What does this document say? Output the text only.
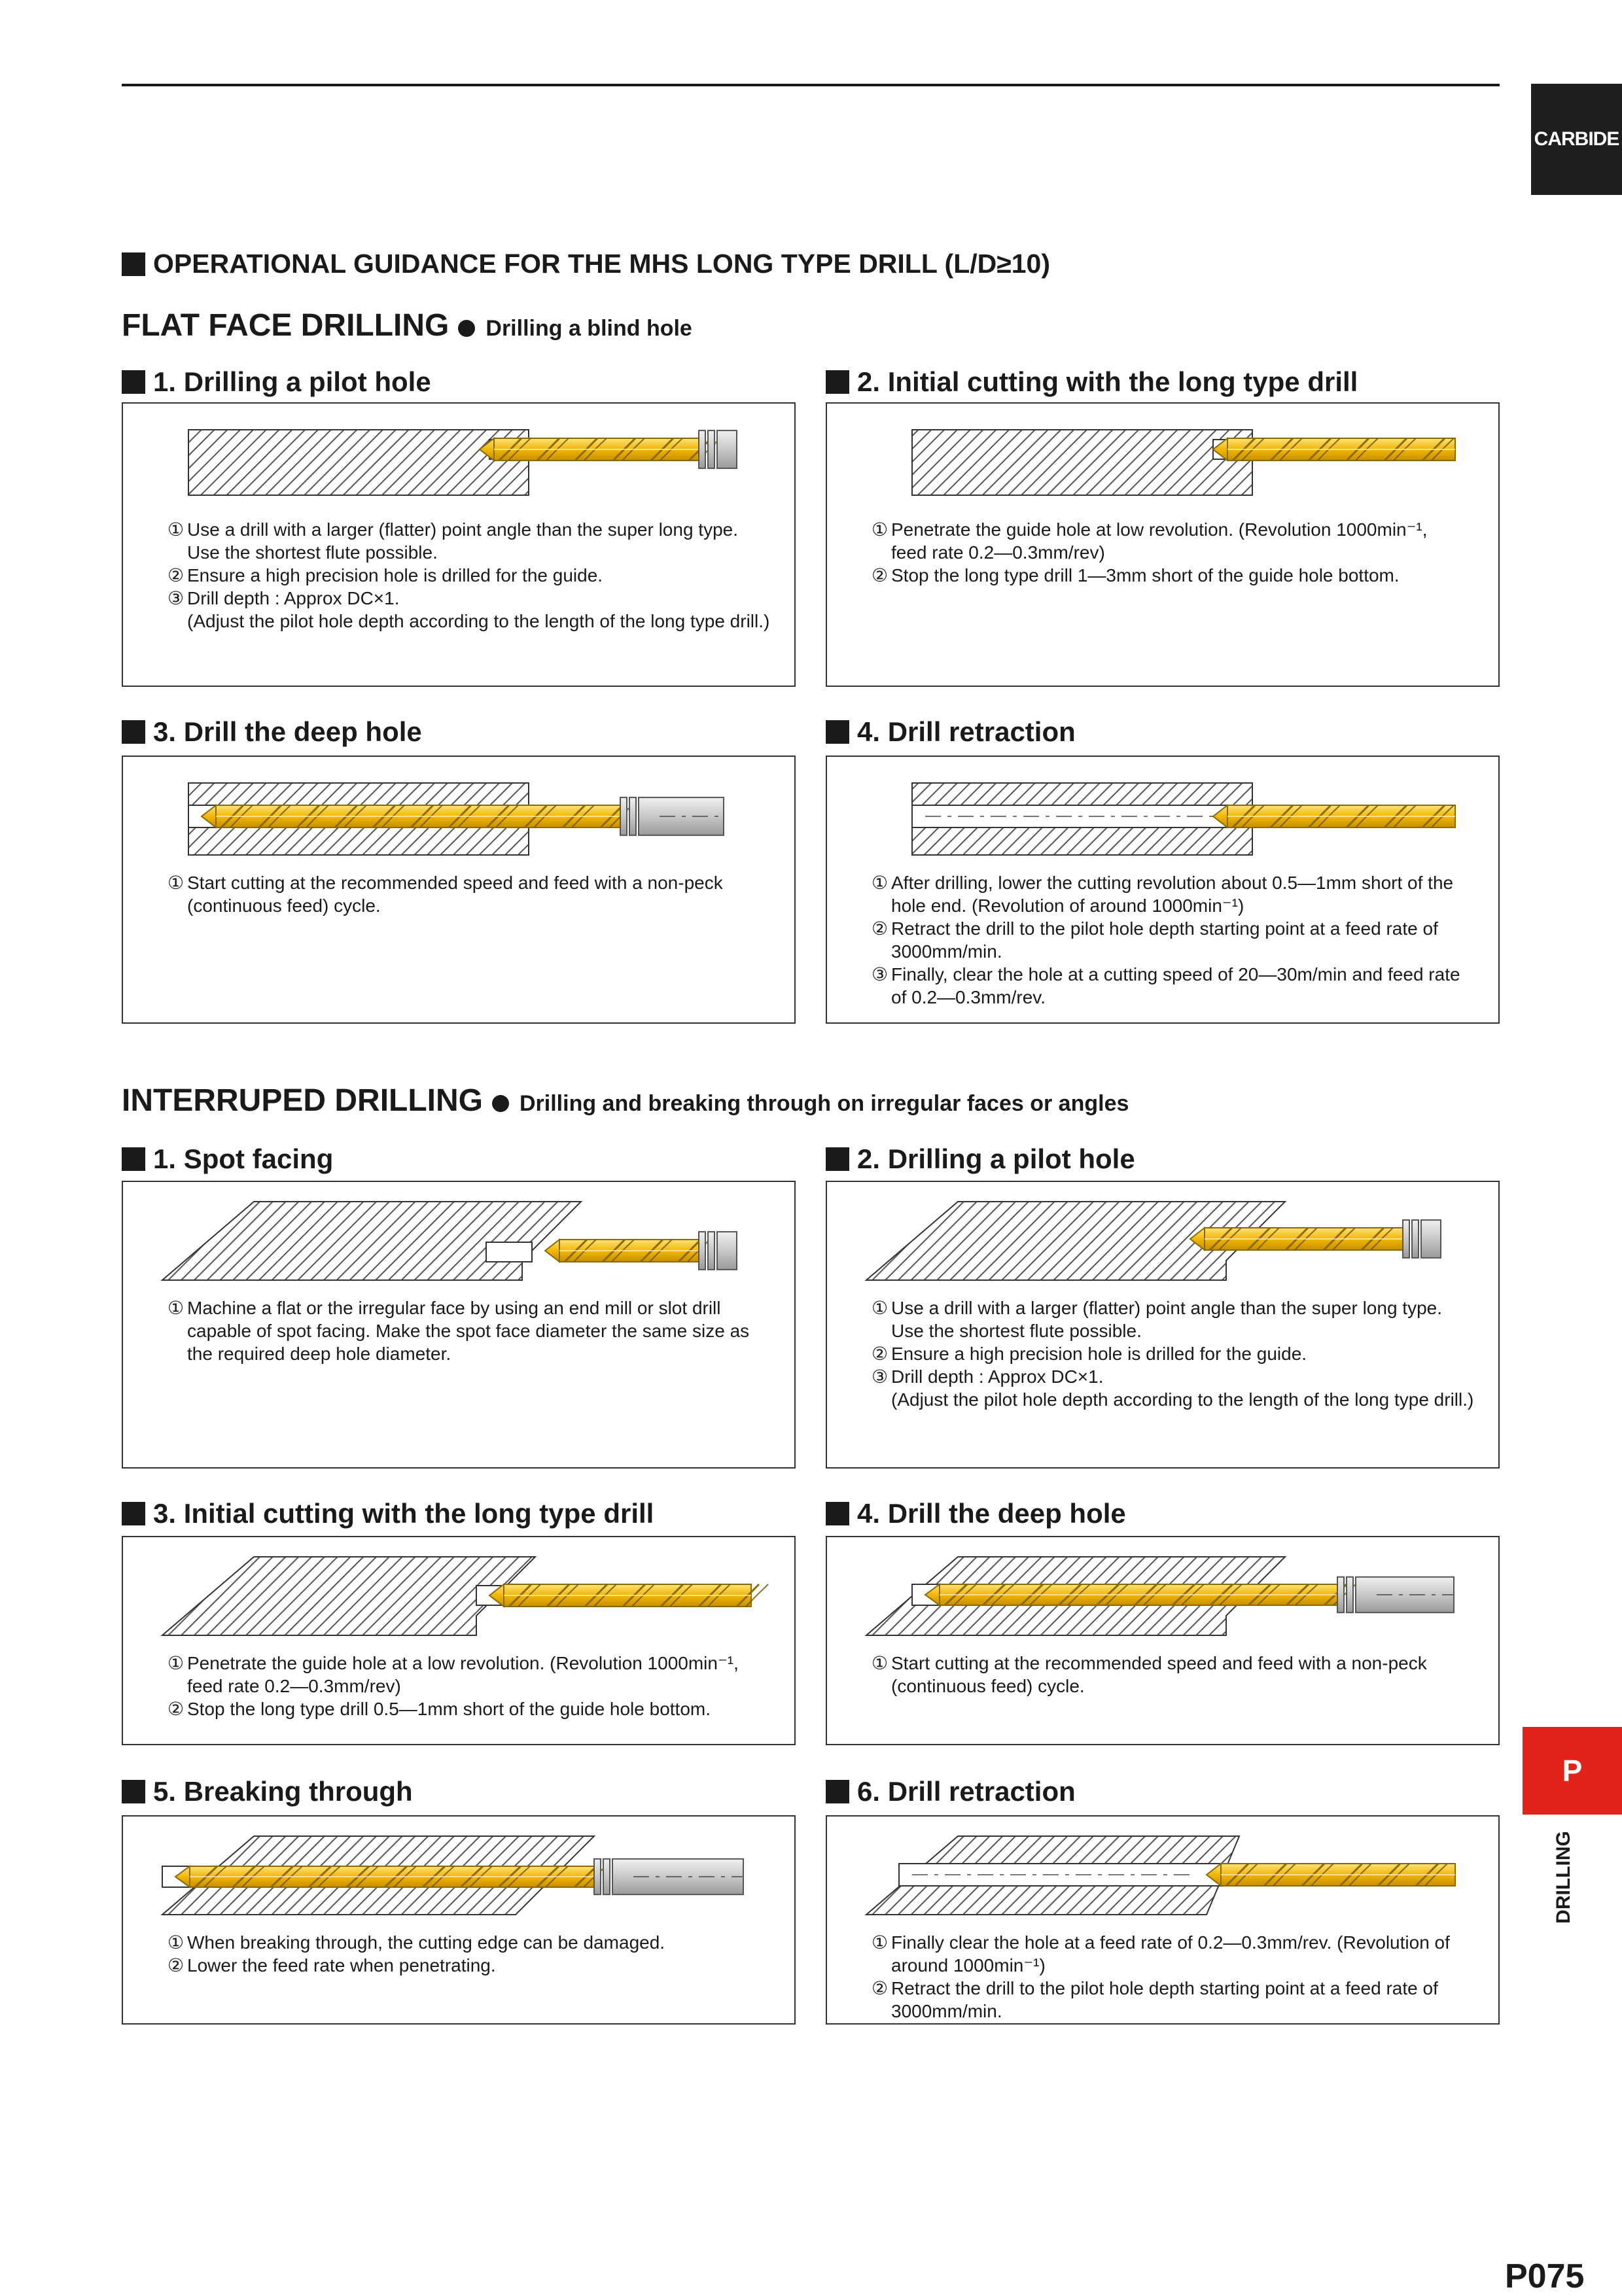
CARBIDE
OPERATIONAL GUIDANCE FOR THE MHS LONG TYPE DRILL (L/D≥10)
FLAT FACE DRILLING Drilling a blind hole
1. Drilling a pilot hole

① Use a drill with a larger (flatter) point angle than the super long type.
Use the shortest flute possible.

② Ensure a high precision hole is drilled for the guide.

③ Drill depth : Approx DC×1.
(Adjust the pilot hole depth according to the length of the long type drill.)

2. Initial cutting with the long type drill

① Penetrate the guide hole at low revolution. (Revolution 1000min⁻¹,
feed rate 0.2—0.3mm/rev)

② Stop the long type drill 1—3mm short of the guide hole bottom.

3. Drill the deep hole

① Start cutting at the recommended speed and feed with a non-peck
(continuous feed) cycle.

4. Drill retraction

① After drilling, lower the cutting revolution about 0.5—1mm short of the
hole end. (Revolution of around 1000min⁻¹)

② Retract the drill to the pilot hole depth starting point at a feed rate of
3000mm/min.

③ Finally, clear the hole at a cutting speed of 20—30m/min and feed rate
of 0.2—0.3mm/rev.

INTERRUPED DRILLING Drilling and breaking through on irregular faces or angles
1. Spot facing

① Machine a flat or the irregular face by using an end mill or slot drill
capable of spot facing. Make the spot face diameter the same size as
the required deep hole diameter.

2. Drilling a pilot hole

① Use a drill with a larger (flatter) point angle than the super long type.
Use the shortest flute possible.

② Ensure a high precision hole is drilled for the guide.

③ Drill depth : Approx DC×1.
(Adjust the pilot hole depth according to the length of the long type drill.)

3. Initial cutting with the long type drill

① Penetrate the guide hole at a low revolution. (Revolution 1000min⁻¹,
feed rate 0.2—0.3mm/rev)

② Stop the long type drill 0.5—1mm short of the guide hole bottom.

4. Drill the deep hole

① Start cutting at the recommended speed and feed with a non-peck
(continuous feed) cycle.

5. Breaking through

① When breaking through, the cutting edge can be damaged.

② Lower the feed rate when penetrating.

6. Drill retraction

① Finally clear the hole at a feed rate of 0.2—0.3mm/rev. (Revolution of
around 1000min⁻¹)

② Retract the drill to the pilot hole depth starting point at a feed rate of
3000mm/min.

P
DRILLING
P075
